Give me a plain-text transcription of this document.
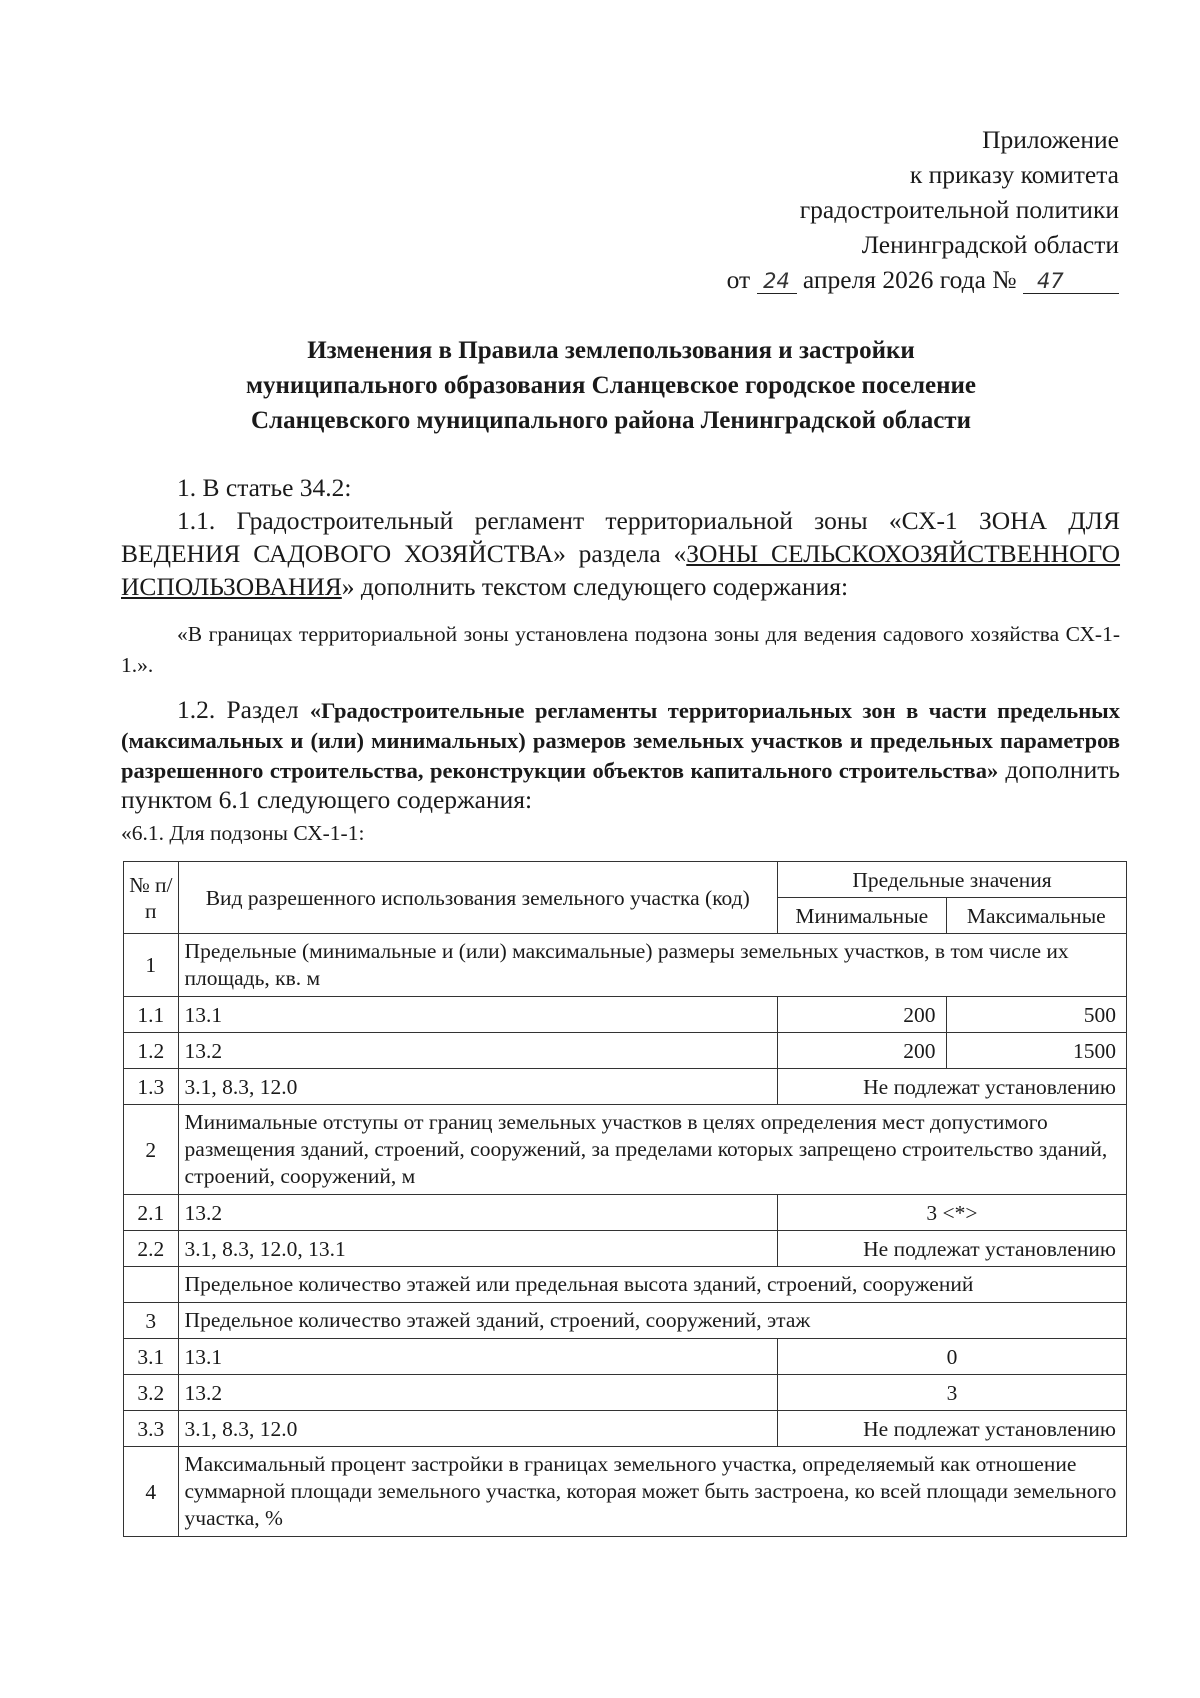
Приложение
к приказу комитета
градостроительной политики
Ленинградской области
от 24 апреля 2026 года № 47
Изменения в Правила землепользования и застройки
муниципального образования Сланцевское городское поселение
Сланцевского муниципального района Ленинградской области
1. В статье 34.2:
1.1. Градостроительный регламент территориальной зоны «СХ-1 ЗОНА ДЛЯ ВЕДЕНИЯ САДОВОГО ХОЗЯЙСТВА» раздела «ЗОНЫ СЕЛЬСКОХОЗЯЙСТВЕННОГО ИСПОЛЬЗОВАНИЯ» дополнить текстом следующего содержания:
«В границах территориальной зоны установлена подзона зоны для ведения садового хозяйства СХ-1-1.».
1.2. Раздел «Градостроительные регламенты территориальных зон в части предельных (максимальных и (или) минимальных) размеров земельных участков и предельных параметров разрешенного строительства, реконструкции объектов капитального строительства» дополнить пунктом 6.1 следующего содержания:
«6.1. Для подзоны СХ-1-1:
№ п/п	Вид разрешенного использования земельного участка (код)	Предельные значения	
		Минимальные	Максимальные
1	Предельные (минимальные и (или) максимальные) размеры земельных участков, в том числе их площадь, кв. м		
1.1	13.1	200	500
1.2	13.2	200	1500
1.3	3.1, 8.3, 12.0	Не подлежат установлению	
2	Минимальные отступы от границ земельных участков в целях определения мест допустимого размещения зданий, строений, сооружений, за пределами которых запрещено строительство зданий, строений, сооружений, м		
2.1	13.2	3 <*>	
2.2	3.1, 8.3, 12.0, 13.1	Не подлежат установлению	
	Предельное количество этажей или предельная высота зданий, строений, сооружений		
3	Предельное количество этажей зданий, строений, сооружений, этаж		
3.1	13.1	0	
3.2	13.2	3	
3.3	3.1, 8.3, 12.0	Не подлежат установлению	
4	Максимальный процент застройки в границах земельного участка, определяемый как отношение суммарной площади земельного участка, которая может быть застроена, ко всей площади земельного участка, %		
